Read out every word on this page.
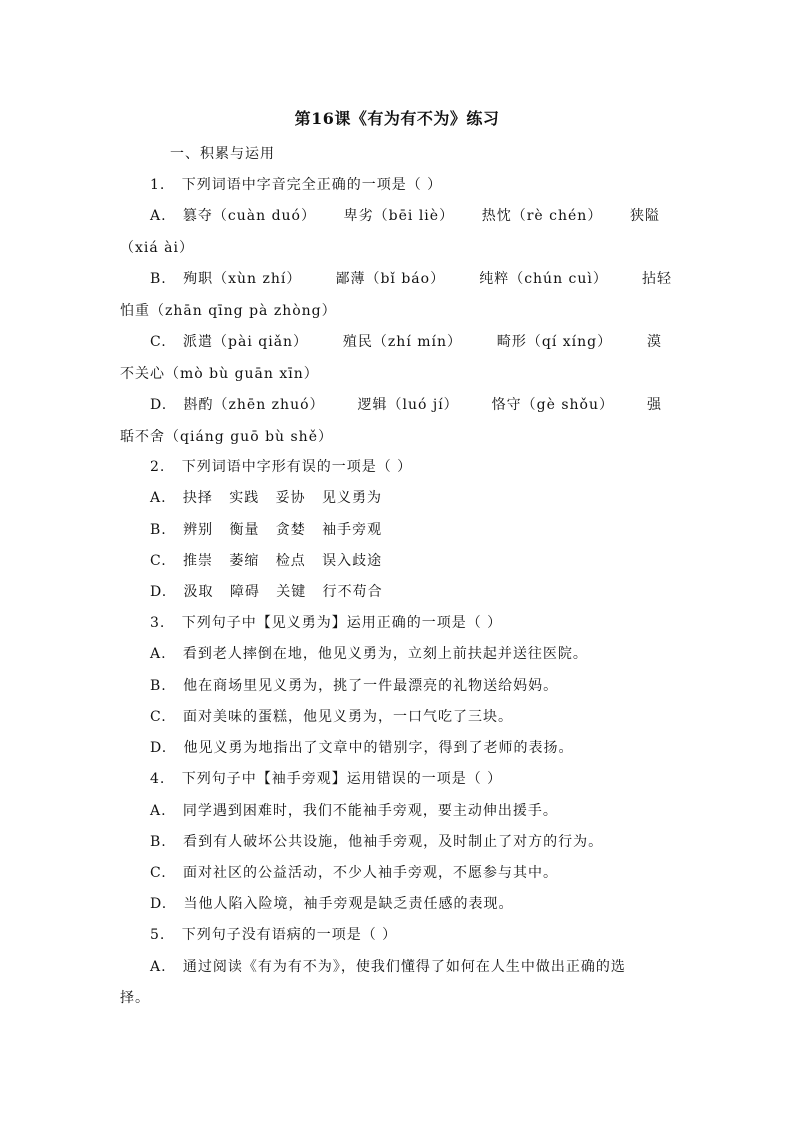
第16课《有为有不为》练习
一、积累与运用
1.   下列词语中字音完全正确的一项是（ ）
A.   篡夺（cuàn duó） 卑劣（bēi liè） 热忱（rè chén） 狭隘
（xiá ài）
B.   殉职（xùn zhí） 鄙薄（bǐ báo） 纯粹（chún cuì） 拈轻
怕重（zhān qīng pà zhòng）
C.   派遣（pài qiǎn） 殖民（zhí mín） 畸形（qí xíng） 漠
不关心（mò bù guān xīn）
D.   斟酌（zhēn zhuó） 逻辑（luó jí） 恪守（gè shǒu） 强
聒不舍（qiáng guō bù shě）
2.   下列词语中字形有误的一项是（ ）
A.   抉择   实践   妥协   见义勇为
B.   辨别   衡量   贪婪   袖手旁观
C.   推崇   萎缩   检点   误入歧途
D.   汲取   障碍   关键   行不苟合
3.   下列句子中【见义勇为】运用正确的一项是（ ）
A.   看到老人摔倒在地，他见义勇为，立刻上前扶起并送往医院。
B.   他在商场里见义勇为，挑了一件最漂亮的礼物送给妈妈。
C.   面对美味的蛋糕，他见义勇为，一口气吃了三块。
D.   他见义勇为地指出了文章中的错别字，得到了老师的表扬。
4.   下列句子中【袖手旁观】运用错误的一项是（ ）
A.   同学遇到困难时，我们不能袖手旁观，要主动伸出援手。
B.   看到有人破坏公共设施，他袖手旁观，及时制止了对方的行为。
C.   面对社区的公益活动，不少人袖手旁观，不愿参与其中。
D.   当他人陷入险境，袖手旁观是缺乏责任感的表现。
5.   下列句子没有语病的一项是（ ）
A.   通过阅读《有为有不为》，使我们懂得了如何在人生中做出正确的选
择。
